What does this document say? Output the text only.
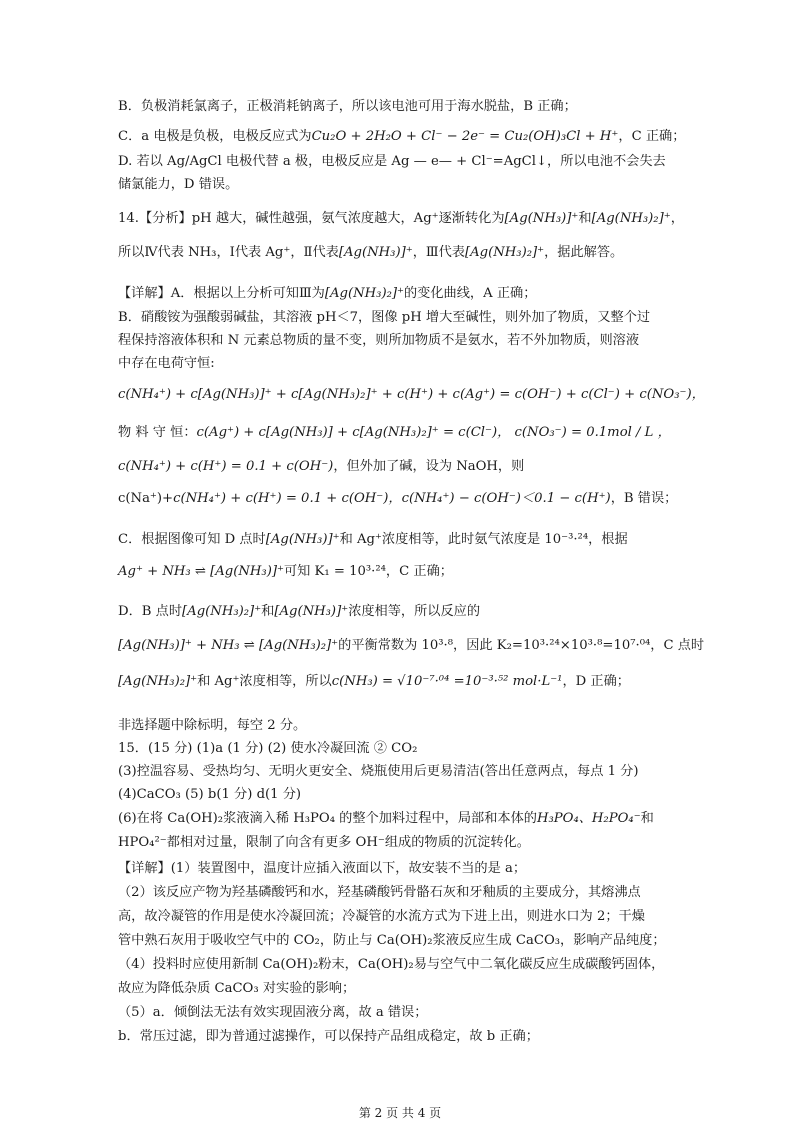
B．负极消耗氯离子，正极消耗钠离子，所以该电池可用于海水脱盐，B 正确；
C．a 电极是负极，电极反应式为Cu₂O + 2H₂O + Cl⁻ − 2e⁻ = Cu₂(OH)₃Cl + H⁺，C 正确；
D. 若以 Ag/AgCl 电极代替 a 极，电极反应是 Ag — e— + Cl⁻=AgCl↓，所以电池不会失去
储氯能力，D 错误。
14.【分析】pH 越大，碱性越强，氨气浓度越大，Ag⁺逐渐转化为[Ag(NH₃)]⁺和[Ag(NH₃)₂]⁺，
所以Ⅳ代表 NH₃，Ⅰ代表 Ag⁺，Ⅱ代表[Ag(NH₃)]⁺，Ⅲ代表[Ag(NH₃)₂]⁺，据此解答。
【详解】A．根据以上分析可知Ⅲ为[Ag(NH₃)₂]⁺的变化曲线，A 正确；
B．硝酸铵为强酸弱碱盐，其溶液 pH＜7，图像 pH 增大至碱性，则外加了物质，又整个过
程保持溶液体积和 N 元素总物质的量不变，则所加物质不是氨水，若不外加物质，则溶液
中存在电荷守恒:
c(NH₄⁺) + c[Ag(NH₃)]⁺ + c[Ag(NH₃)₂]⁺ + c(H⁺) + c(Ag⁺) = c(OH⁻) + c(Cl⁻) + c(NO₃⁻)，
物 料 守 恒：c(Ag⁺) + c[Ag(NH₃)] + c[Ag(NH₃)₂]⁺ = c(Cl⁻)， c(NO₃⁻) = 0.1mol / L ，
c(NH₄⁺) + c(H⁺) = 0.1 + c(OH⁻)，但外加了碱，设为 NaOH，则
c(Na⁺)+c(NH₄⁺) + c(H⁺) = 0.1 + c(OH⁻)，c(NH₄⁺) − c(OH⁻)＜0.1 − c(H⁺)，B 错误；
C．根据图像可知 D 点时[Ag(NH₃)]⁺和 Ag⁺浓度相等，此时氨气浓度是 10⁻³·²⁴，根据
Ag⁺ + NH₃ ⇌ [Ag(NH₃)]⁺可知 K₁ = 10³·²⁴，C 正确；
D．B 点时[Ag(NH₃)₂]⁺和[Ag(NH₃)]⁺浓度相等，所以反应的
[Ag(NH₃)]⁺ + NH₃ ⇌ [Ag(NH₃)₂]⁺的平衡常数为 10³·⁸，因此 K₂=10³·²⁴×10³·⁸=10⁷·⁰⁴，C 点时
[Ag(NH₃)₂]⁺和 Ag⁺浓度相等，所以c(NH₃) = √10⁻⁷·⁰⁴ =10⁻³·⁵² mol·L⁻¹，D 正确；
非选择题中除标明，每空 2 分。
15．(15 分) (1)a (1 分) (2) 使水冷凝回流 ② CO₂
(3)控温容易、受热均匀、无明火更安全、烧瓶使用后更易清洁(答出任意两点，每点 1 分)
(4)CaCO₃ (5) b(1 分) d(1 分)
(6)在将 Ca(OH)₂浆液滴入稀 H₃PO₄ 的整个加料过程中，局部和本体的H₃PO₄、H₂PO₄⁻和
HPO₄²⁻都相对过量，限制了向含有更多 OH⁻组成的物质的沉淀转化。
【详解】(1）装置图中，温度计应插入液面以下，故安装不当的是 a；
（2）该反应产物为羟基磷酸钙和水，羟基磷酸钙骨骼石灰和牙釉质的主要成分，其熔沸点
高，故冷凝管的作用是使水冷凝回流；冷凝管的水流方式为下进上出，则进水口为 2；干燥
管中熟石灰用于吸收空气中的 CO₂，防止与 Ca(OH)₂浆液反应生成 CaCO₃，影响产品纯度；
（4）投料时应使用新制 Ca(OH)₂粉末，Ca(OH)₂易与空气中二氧化碳反应生成碳酸钙固体，
故应为降低杂质 CaCO₃ 对实验的影响；
（5）a．倾倒法无法有效实现固液分离，故 a 错误；
b．常压过滤，即为普通过滤操作，可以保持产品组成稳定，故 b 正确；
第 2 页 共 4 页
